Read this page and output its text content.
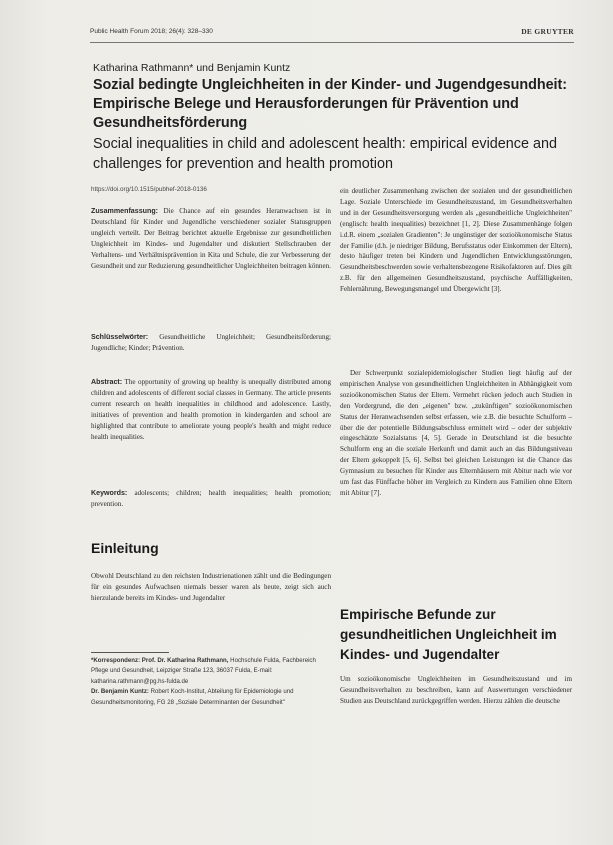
Public Health Forum 2018; 26(4): 328–330	DE GRUYTER
Katharina Rathmann* und Benjamin Kuntz
Sozial bedingte Ungleichheiten in der Kinder- und Jugendgesundheit: Empirische Belege und Herausforderungen für Prävention und Gesundheitsförderung
Social inequalities in child and adolescent health: empirical evidence and challenges for prevention and health promotion
https://doi.org/10.1515/pubhef-2018-0136
Zusammenfassung: Die Chance auf ein gesundes Heranwachsen ist in Deutschland für Kinder und Jugendliche verschiedener sozialer Statusgruppen ungleich verteilt. Der Beitrag berichtet aktuelle Ergebnisse zur gesundheitlichen Ungleichheit im Kindes- und Jugendalter und diskutiert Stellschrauben der Verhaltens- und Verhältnisprävention in Kita und Schule, die zur Verbesserung der Gesundheit und zur Reduzierung gesundheitlicher Ungleichheiten beitragen können.
Schlüsselwörter: Gesundheitliche Ungleichheit; Gesundheitsförderung; Jugendliche; Kinder; Prävention.
Abstract: The opportunity of growing up healthy is unequally distributed among children and adolescents of different social classes in Germany. The article presents current research on health inequalities in childhood and adolescence. Lastly, initiatives of prevention and health promotion in kindergarden and school are highlighted that contribute to ameliorate young people's health and might reduce health inequalities.
Keywords: adolescents; children; health inequalities; health promotion; prevention.
Einleitung
Obwohl Deutschland zu den reichsten Industrienationen zählt und die Bedingungen für ein gesundes Aufwachsen niemals besser waren als heute, zeigt sich auch hierzulande bereits im Kindes- und Jugendalter
*Korrespondenz: Prof. Dr. Katharina Rathmann, Hochschule Fulda, Fachbereich Pflege und Gesundheit, Leipziger Straße 123, 36037 Fulda, E-mail: katharina.rathmann@pg.hs-fulda.de
Dr. Benjamin Kuntz: Robert Koch-Institut, Abteilung für Epidemiologie und Gesundheitsmonitoring, FG 28 „Soziale Determinanten der Gesundheit"
ein deutlicher Zusammenhang zwischen der sozialen und der gesundheitlichen Lage. Soziale Unterschiede im Gesundheitszustand, im Gesundheitsverhalten und in der Gesundheitsversorgung werden als „gesundheitliche Ungleichheiten" (englisch: health inequalities) bezeichnet [1, 2]. Diese Zusammenhänge folgen i.d.R. einem „sozialen Gradienten": Je ungünstiger der sozioökonomische Status der Familie (d.h. je niedriger Bildung, Berufsstatus oder Einkommen der Eltern), desto häufiger treten bei Kindern und Jugendlichen Entwicklungsstörungen, Gesundheitsbeschwerden sowie verhaltensbezogene Risikofaktoren auf. Dies gilt z.B. für den allgemeinen Gesundheitszustand, psychische Auffälligkeiten, Fehlernährung, Bewegungsmangel und Übergewicht [3].
Der Schwerpunkt sozialepidemiologischer Studien liegt häufig auf der empirischen Analyse von gesundheitlichen Ungleichheiten in Abhängigkeit vom sozioökonomischen Status der Eltern. Vermehrt rücken jedoch auch Studien in den Vordergrund, die den „eigenen" bzw. „zukünftigen" sozioökonomischen Status der Heranwachsenden selbst erfassen, wie z.B. die besuchte Schulform – über die der potentielle Bildungsabschluss ermittelt wird – oder der subjektiv eingeschätzte Sozialstatus [4, 5]. Gerade in Deutschland ist die besuchte Schulform eng an die soziale Herkunft und damit auch an das Bildungsniveau der Eltern gekoppelt [5, 6]. Selbst bei gleichen Leistungen ist die Chance das Gymnasium zu besuchen für Kinder aus Elternhäusern mit Abitur nach wie vor um fast das Fünffache höher im Vergleich zu Kindern aus Familien ohne Eltern mit Abitur [7].
Empirische Befunde zur gesundheitlichen Ungleichheit im Kindes- und Jugendalter
Um sozioökonomische Ungleichheiten im Gesundheitszustand und im Gesundheitsverhalten zu beschreiben, kann auf Auswertungen verschiedener Studien aus Deutschland zurückgegriffen werden. Hierzu zählen die deutsche
